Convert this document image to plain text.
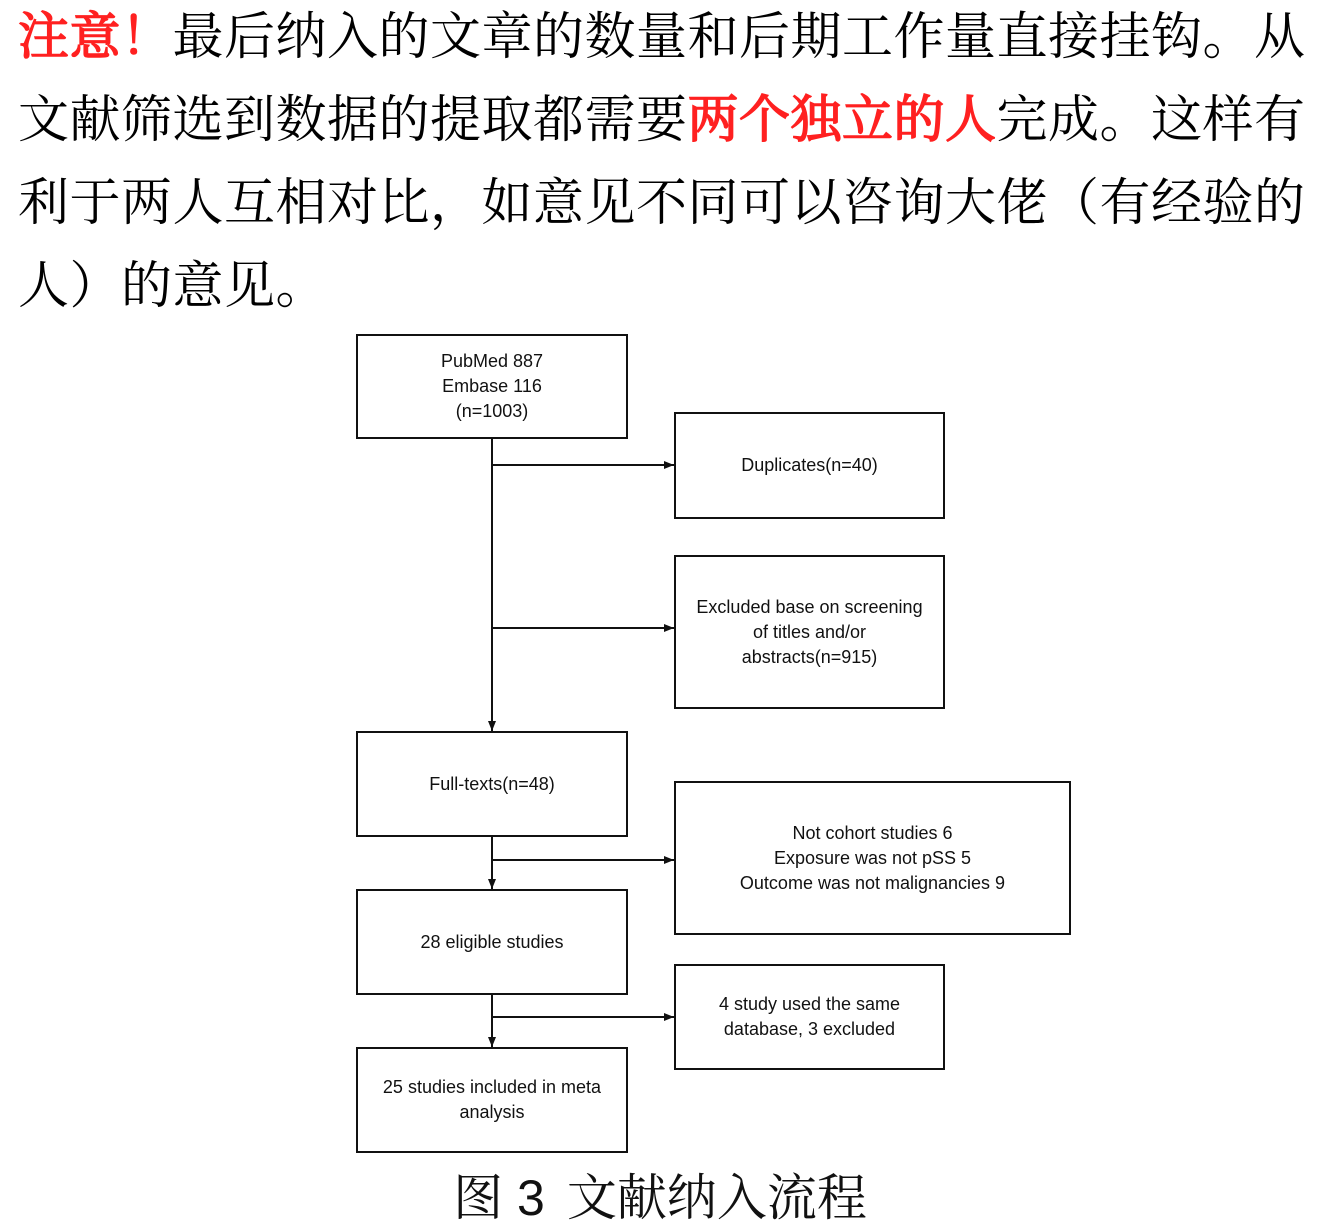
注意！最后纳入的文章的数量和后期工作量直接挂钩。从
文献筛选到数据的提取都需要两个独立的人完成。这样有
利于两人互相对比，如意见不同可以咨询大佬（有经验的
人）的意见。
PubMed 887
Embase 116
(n=1003)
Duplicates(n=40)
Excluded base on screening
of titles and/or
abstracts(n=915)
Full-texts(n=48)
Not cohort studies 6
Exposure was not pSS 5
Outcome was not malignancies 9
28 eligible studies
4 study used the same
database, 3 excluded
25 studies included in meta
analysis
图 3 文献纳入流程
